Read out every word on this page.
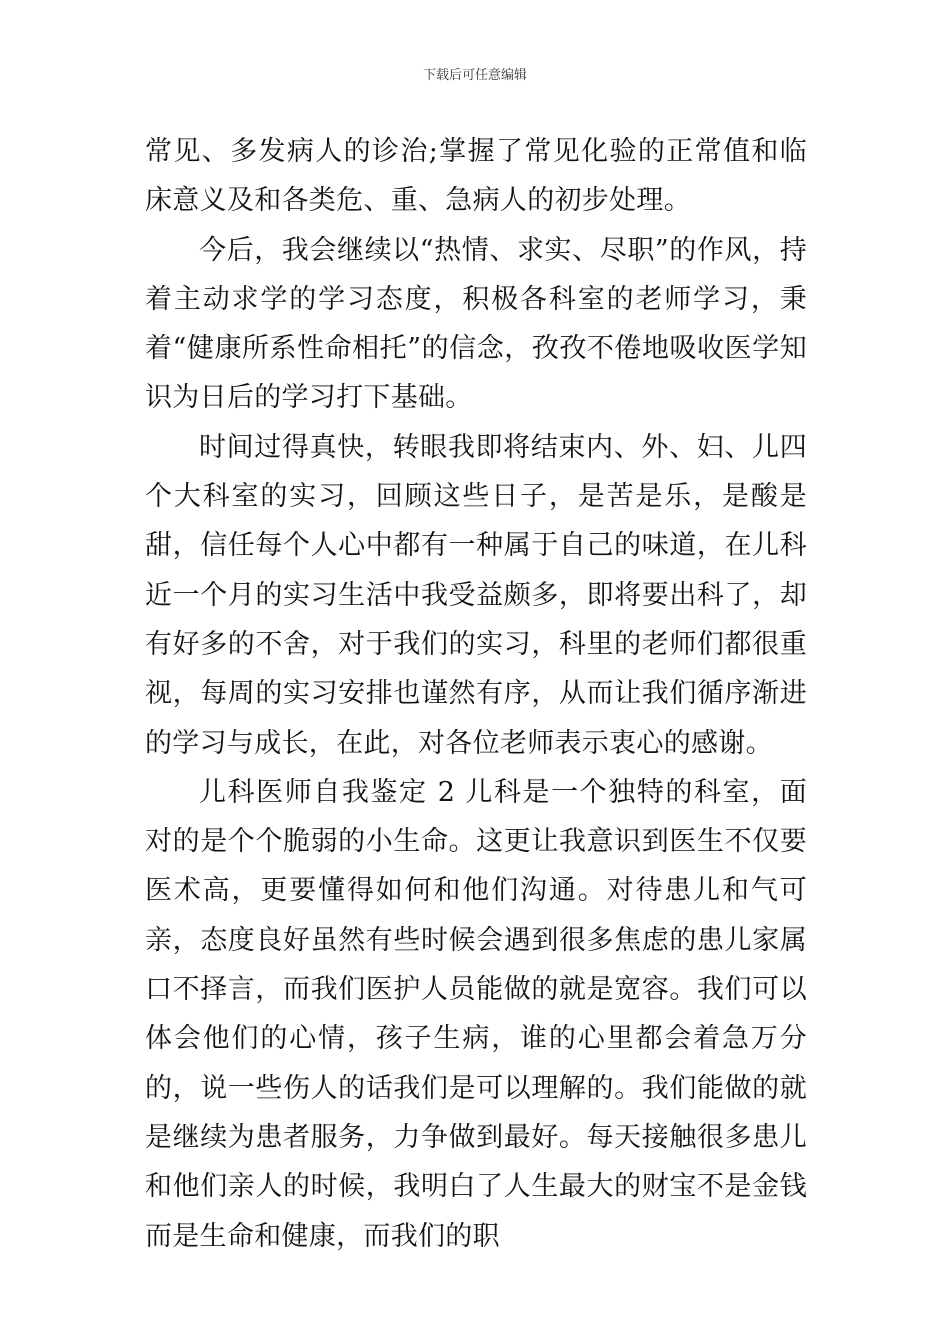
下载后可任意编辑

常见、多发病人的诊治;掌握了常见化验的正常值和临床意义及和各类危、重、急病人的初步处理。

今后，我会继续以“热情、求实、尽职”的作风，持着主动求学的学习态度，积极各科室的老师学习，秉着“健康所系性命相托”的信念，孜孜不倦地吸收医学知识为日后的学习打下基础。

时间过得真快，转眼我即将结束内、外、妇、儿四个大科室的实习，回顾这些日子，是苦是乐，是酸是甜，信任每个人心中都有一种属于自己的味道，在儿科近一个月的实习生活中我受益颇多，即将要出科了，却有好多的不舍，对于我们的实习，科里的老师们都很重视，每周的实习安排也谨然有序，从而让我们循序渐进的学习与成长，在此，对各位老师表示衷心的感谢。

儿科医师自我鉴定 2 儿科是一个独特的科室，面对的是个个脆弱的小生命。这更让我意识到医生不仅要医术高，更要懂得如何和他们沟通。对待患儿和气可亲，态度良好虽然有些时候会遇到很多焦虑的患儿家属口不择言，而我们医护人员能做的就是宽容。我们可以体会他们的心情，孩子生病，谁的心里都会着急万分的，说一些伤人的话我们是可以理解的。我们能做的就是继续为患者服务，力争做到最好。每天接触很多患儿和他们亲人的时候，我明白了人生最大的财宝不是金钱而是生命和健康，而我们的职
